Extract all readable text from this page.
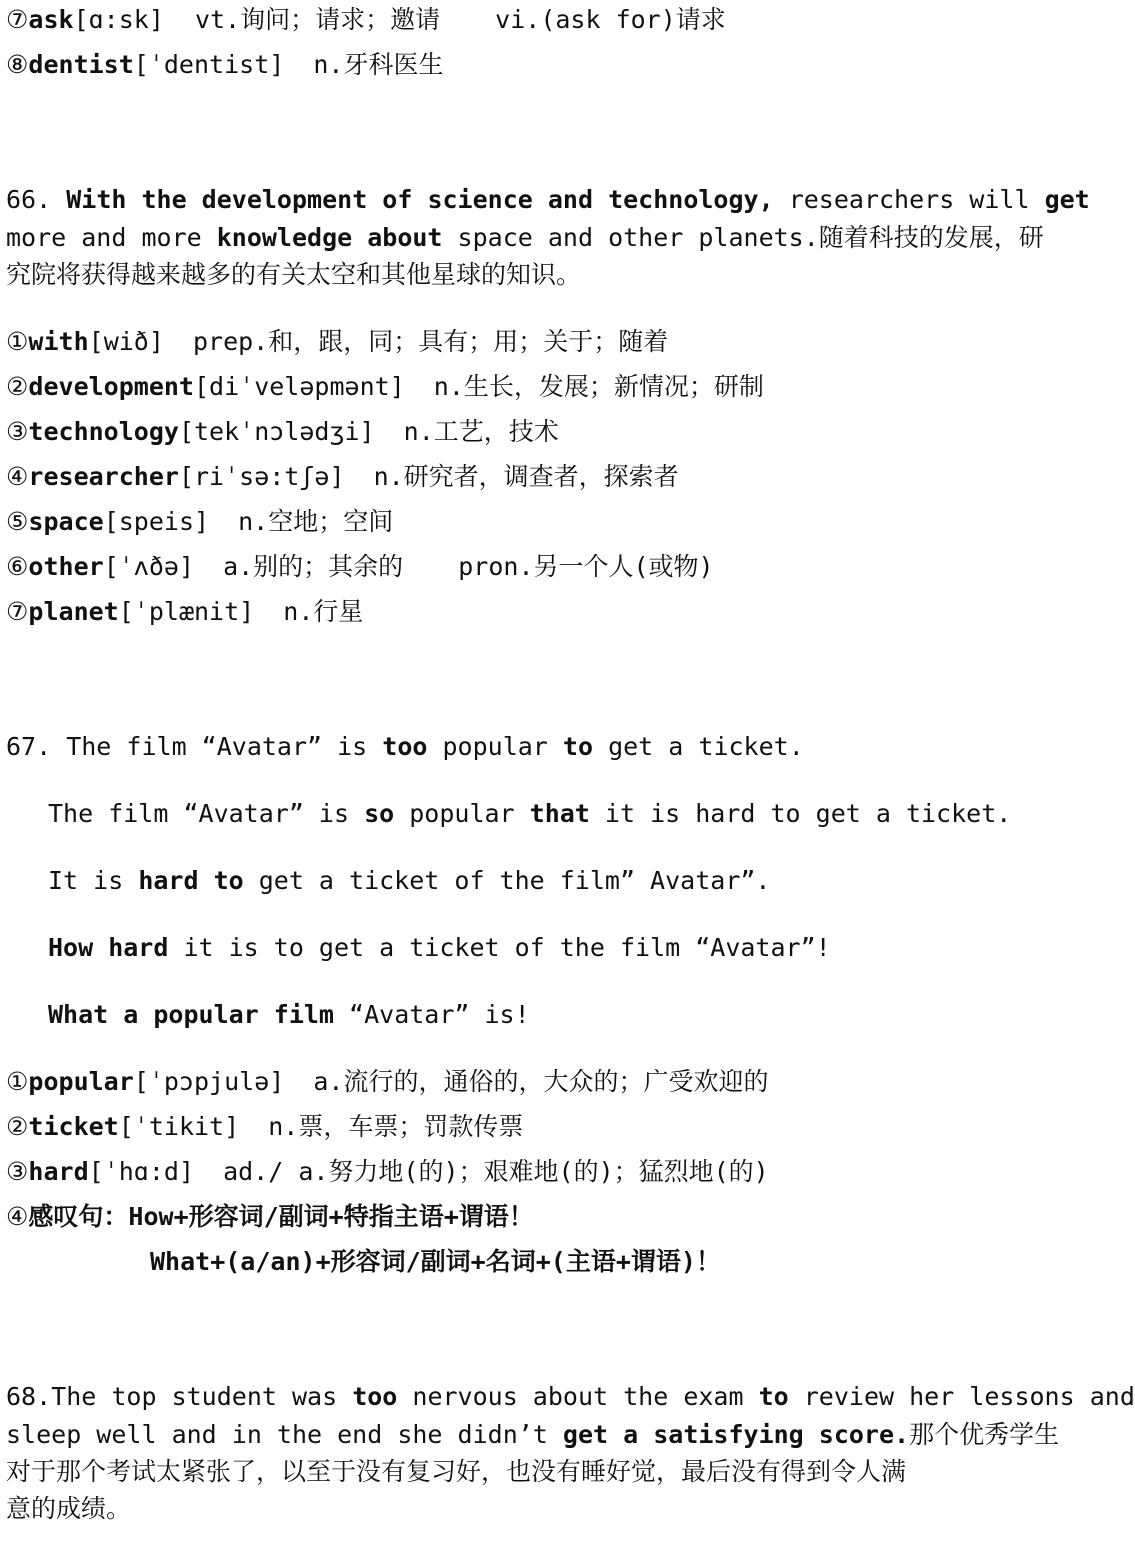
⑦ask[ɑ:sk] vt.询问；请求；邀请 vi.(ask for)请求
⑧dentist[ˈdentist] n.牙科医生
66. With the development of science and technology, researchers will get
more and more knowledge about space and other planets.随着科技的发展，研
究院将获得越来越多的有关太空和其他星球的知识。
①with[wið] prep.和，跟，同；具有；用；关于；随着
②development[diˈveləpmənt] n.生长，发展；新情况；研制
③technology[tekˈnɔlədʒi] n.工艺，技术
④researcher[riˈsə:tʃə] n.研究者，调查者，探索者
⑤space[speis] n.空地；空间
⑥other[ˈʌðə] a.别的；其余的 pron.另一个人(或物)
⑦planet[ˈplænit] n.行星
67. The film “Avatar” is too popular to get a ticket.
The film “Avatar” is so popular that it is hard to get a ticket.
It is hard to get a ticket of the film” Avatar”.
How hard it is to get a ticket of the film “Avatar”!
What a popular film “Avatar” is!
①popular[ˈpɔpjulə] a.流行的，通俗的，大众的；广受欢迎的
②ticket[ˈtikit] n.票，车票；罚款传票
③hard[ˈhɑ:d] ad./ a.努力地(的)；艰难地(的)；猛烈地(的)
④感叹句：How+形容词/副词+特指主语+谓语！
What+(a/an)+形容词/副词+名词+(主语+谓语)！
68.The top student was too nervous about the exam to review her lessons and
sleep well and in the end she didn’t get a satisfying score.那个优秀学生
对于那个考试太紧张了，以至于没有复习好，也没有睡好觉，最后没有得到令人满
意的成绩。
